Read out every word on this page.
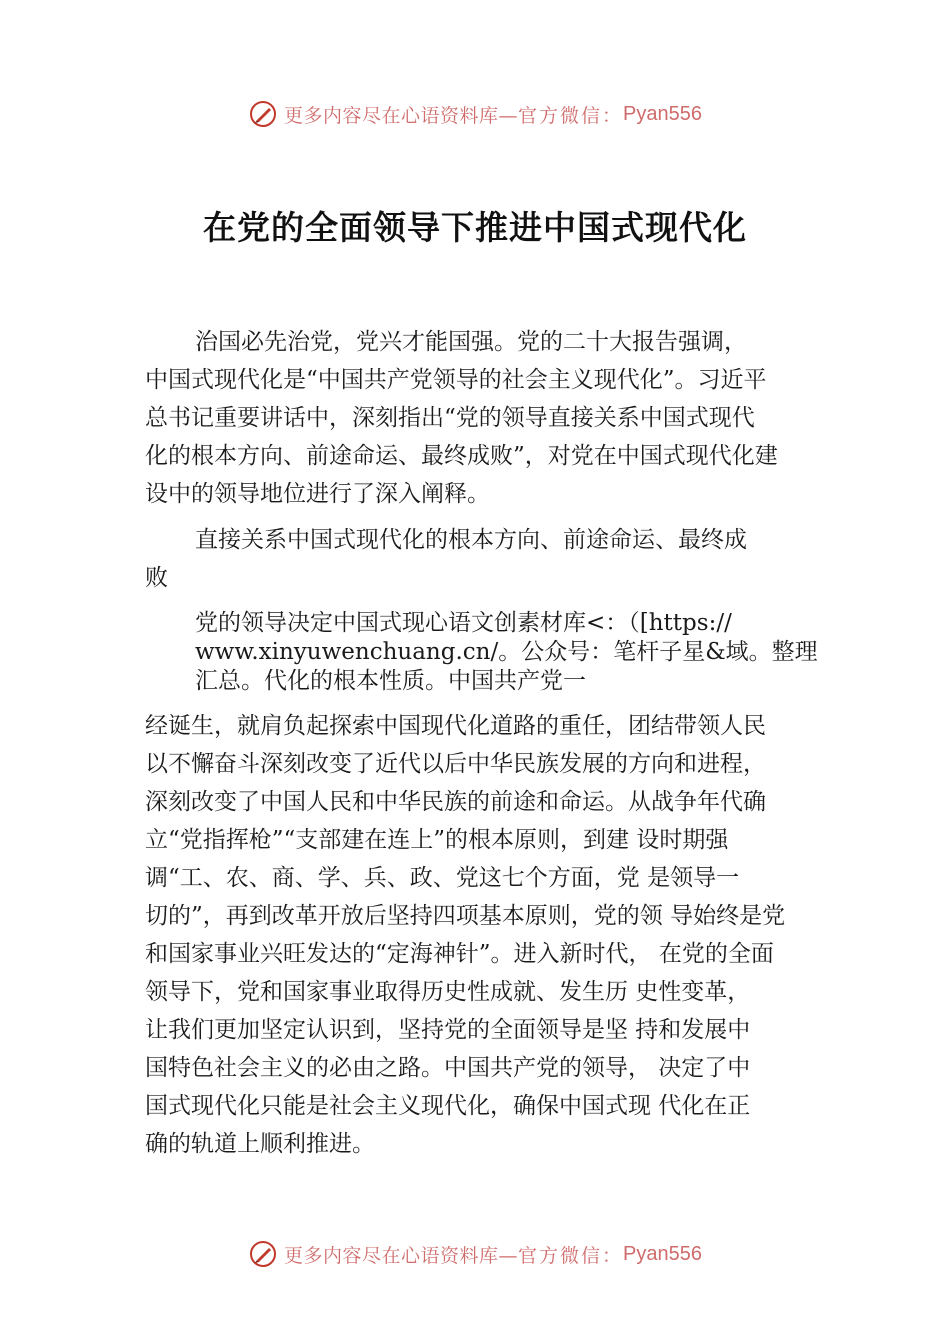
更多内容尽在心语资料库— 官方微信： Pyan556
在党的全面领导下推进中国式现代化
治国必先治党，党兴才能国强。党的二十大报告强调，
中国式现代化是“中国共产党领导的社会主义现代化”。习近平
总书记重要讲话中，深刻指出“党的领导直接关系中国式现代
化的根本方向、前途命运、最终成败”，对党在中国式现代化建
设中的领导地位进行了深入阐释。
直接关系中国式现代化的根本方向、前途命运、最终成
败
党的领导决定中国式现心语文创素材库<：（[https://
www.xinyuwenchuang.cn/。公众号：笔杆子星&域。整理
汇总。代化的根本性质。中国共产党一
经诞生，就肩负起探索中国现代化道路的重任，团结带领人民
以不懈奋斗深刻改变了近代以后中华民族发展的方向和进程，
深刻改变了中国人民和中华民族的前途和命运。从战争年代确
立“党指挥枪”“支部建在连上”的根本原则，到建 设时期强
调“工、农、商、学、兵、政、党这七个方面，党 是领导一
切的”，再到改革开放后坚持四项基本原则，党的领 导始终是党
和国家事业兴旺发达的“定海神针”。进入新时代， 在党的全面
领导下，党和国家事业取得历史性成就、发生历 史性变革，
让我们更加坚定认识到，坚持党的全面领导是坚 持和发展中
国特色社会主义的必由之路。中国共产党的领导， 决定了中
国式现代化只能是社会主义现代化，确保中国式现 代化在正
确的轨道上顺利推进。
更多内容尽在心语资料库— 官方微信： Pyan556
